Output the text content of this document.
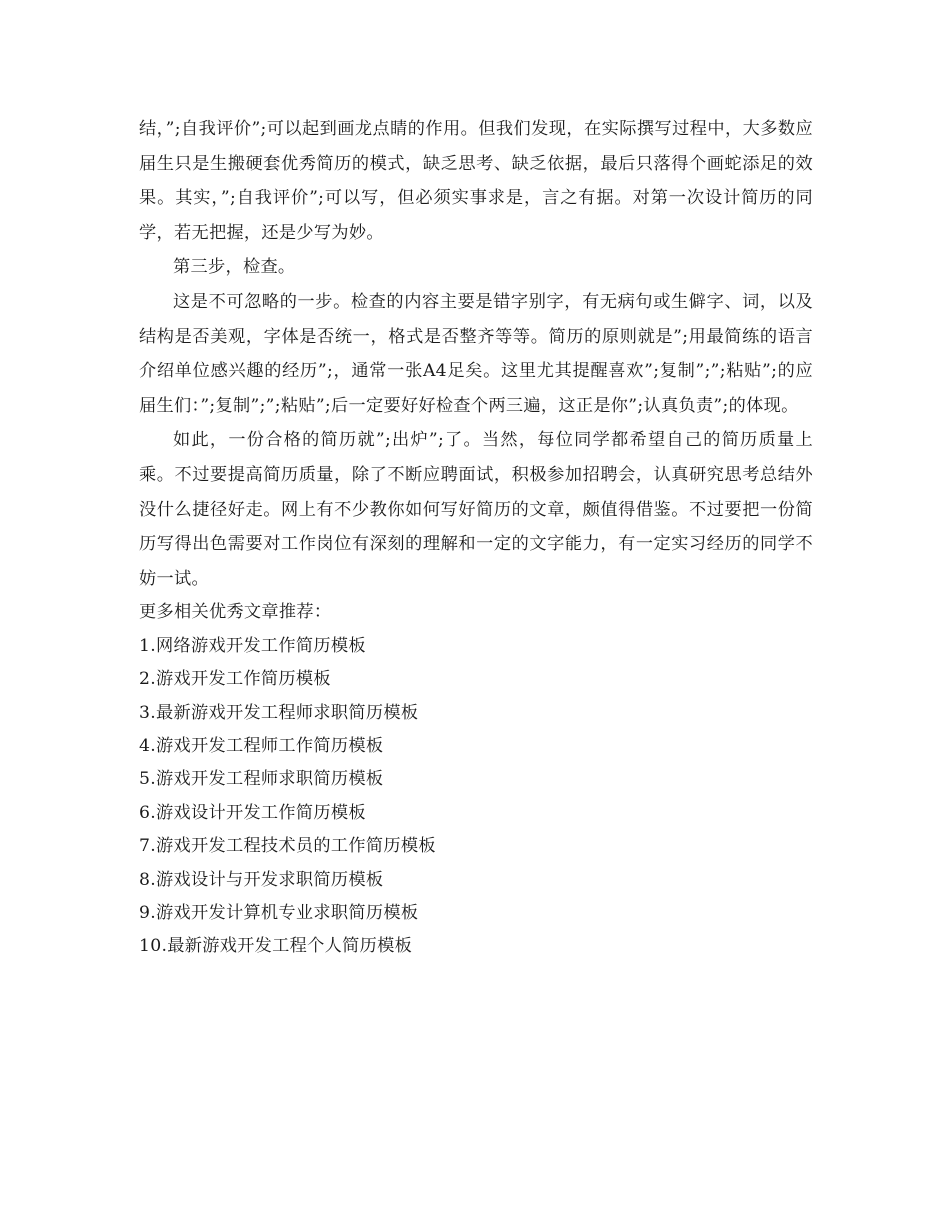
结，”;自我评价”;可以起到画龙点睛的作用。但我们发现，在实际撰写过程中，大多数应届生只是生搬硬套优秀简历的模式，缺乏思考、缺乏依据，最后只落得个画蛇添足的效果。其实，”;自我评价”;可以写，但必须实事求是，言之有据。对第一次设计简历的同学，若无把握，还是少写为妙。

第三步，检查。

这是不可忽略的一步。检查的内容主要是错字别字，有无病句或生僻字、词，以及结构是否美观，字体是否统一，格式是否整齐等等。简历的原则就是”;用最简练的语言介绍单位感兴趣的经历”;，通常一张A4足矣。这里尤其提醒喜欢”;复制”;”;粘贴”;的应届生们：”;复制”;”;粘贴”;后一定要好好检查个两三遍，这正是你”;认真负责”;的体现。

如此，一份合格的简历就”;出炉”;了。当然，每位同学都希望自己的简历质量上乘。不过要提高简历质量，除了不断应聘面试，积极参加招聘会，认真研究思考总结外没什么捷径好走。网上有不少教你如何写好简历的文章，颇值得借鉴。不过要把一份简历写得出色需要对工作岗位有深刻的理解和一定的文字能力，有一定实习经历的同学不妨一试。

更多相关优秀文章推荐：

1.网络游戏开发工作简历模板
2.游戏开发工作简历模板
3.最新游戏开发工程师求职简历模板
4.游戏开发工程师工作简历模板
5.游戏开发工程师求职简历模板
6.游戏设计开发工作简历模板
7.游戏开发工程技术员的工作简历模板
8.游戏设计与开发求职简历模板
9.游戏开发计算机专业求职简历模板
10.最新游戏开发工程个人简历模板
